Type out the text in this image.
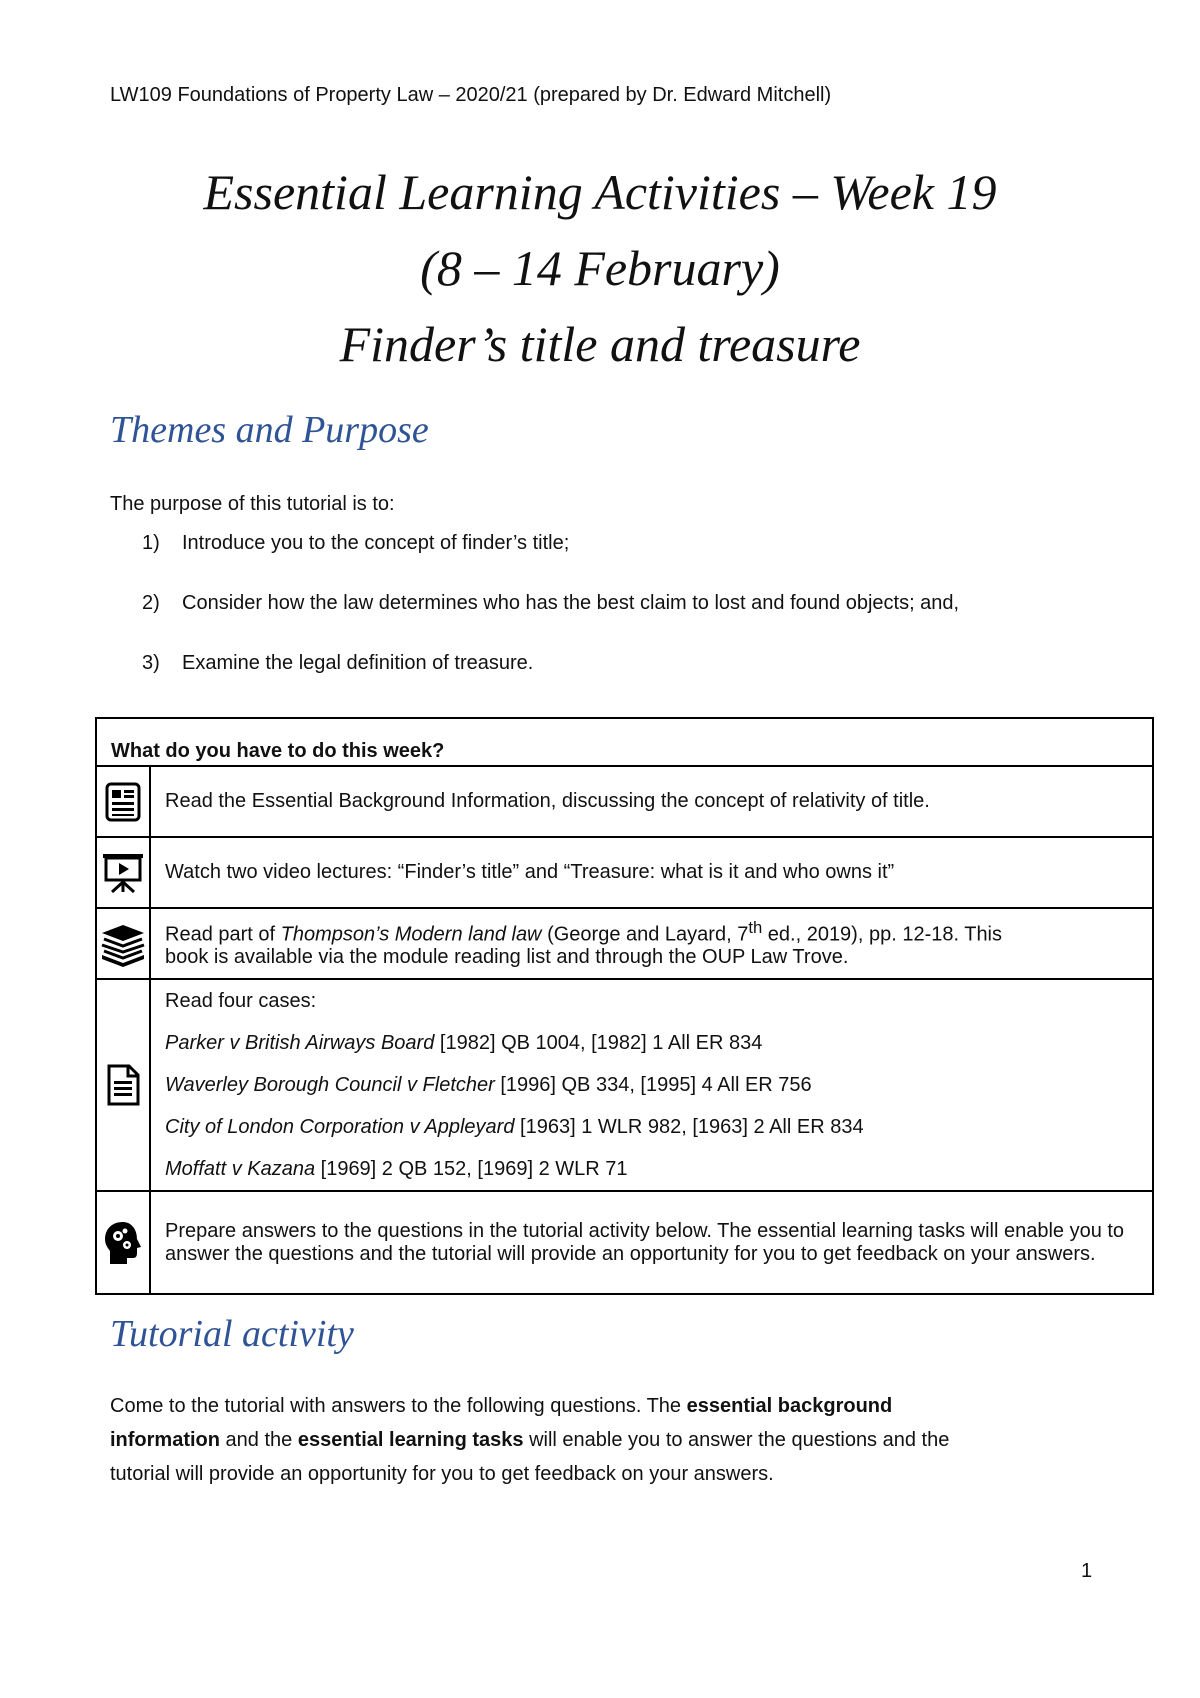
LW109 Foundations of Property Law – 2020/21 (prepared by Dr. Edward Mitchell)
Essential Learning Activities – Week 19
(8 – 14 February)
Finder’s title and treasure
Themes and Purpose
The purpose of this tutorial is to:
1)	Introduce you to the concept of finder’s title;
2)	Consider how the law determines who has the best claim to lost and found objects; and,
3)	Examine the legal definition of treasure.
What do you have to do this week?	

	Read the Essential Background Information, discussing the concept of relativity of title.

	Watch two video lectures: “Finder’s title” and “Treasure: what is it and who owns it”

	Read part of Thompson’s Modern land law (George and Layard, 7th ed., 2019), pp. 12-18. This
book is available via the module reading list and through the OUP Law Trove.

Read four cases:
Parker v British Airways Board [1982] QB 1004, [1982] 1 All ER 834
Waverley Borough Council v Fletcher [1996] QB 334, [1995] 4 All ER 756
City of London Corporation v Appleyard [1963] 1 WLR 982, [1963] 2 All ER 834
Moffatt v Kazana [1969] 2 QB 152, [1969] 2 WLR 71

	Prepare answers to the questions in the tutorial activity below. The essential learning tasks will enable you to answer the questions and the tutorial will provide an opportunity for you to get feedback on your answers.
Tutorial activity
Come to the tutorial with answers to the following questions. The essential background
information and the essential learning tasks will enable you to answer the questions and the
tutorial will provide an opportunity for you to get feedback on your answers.
1
